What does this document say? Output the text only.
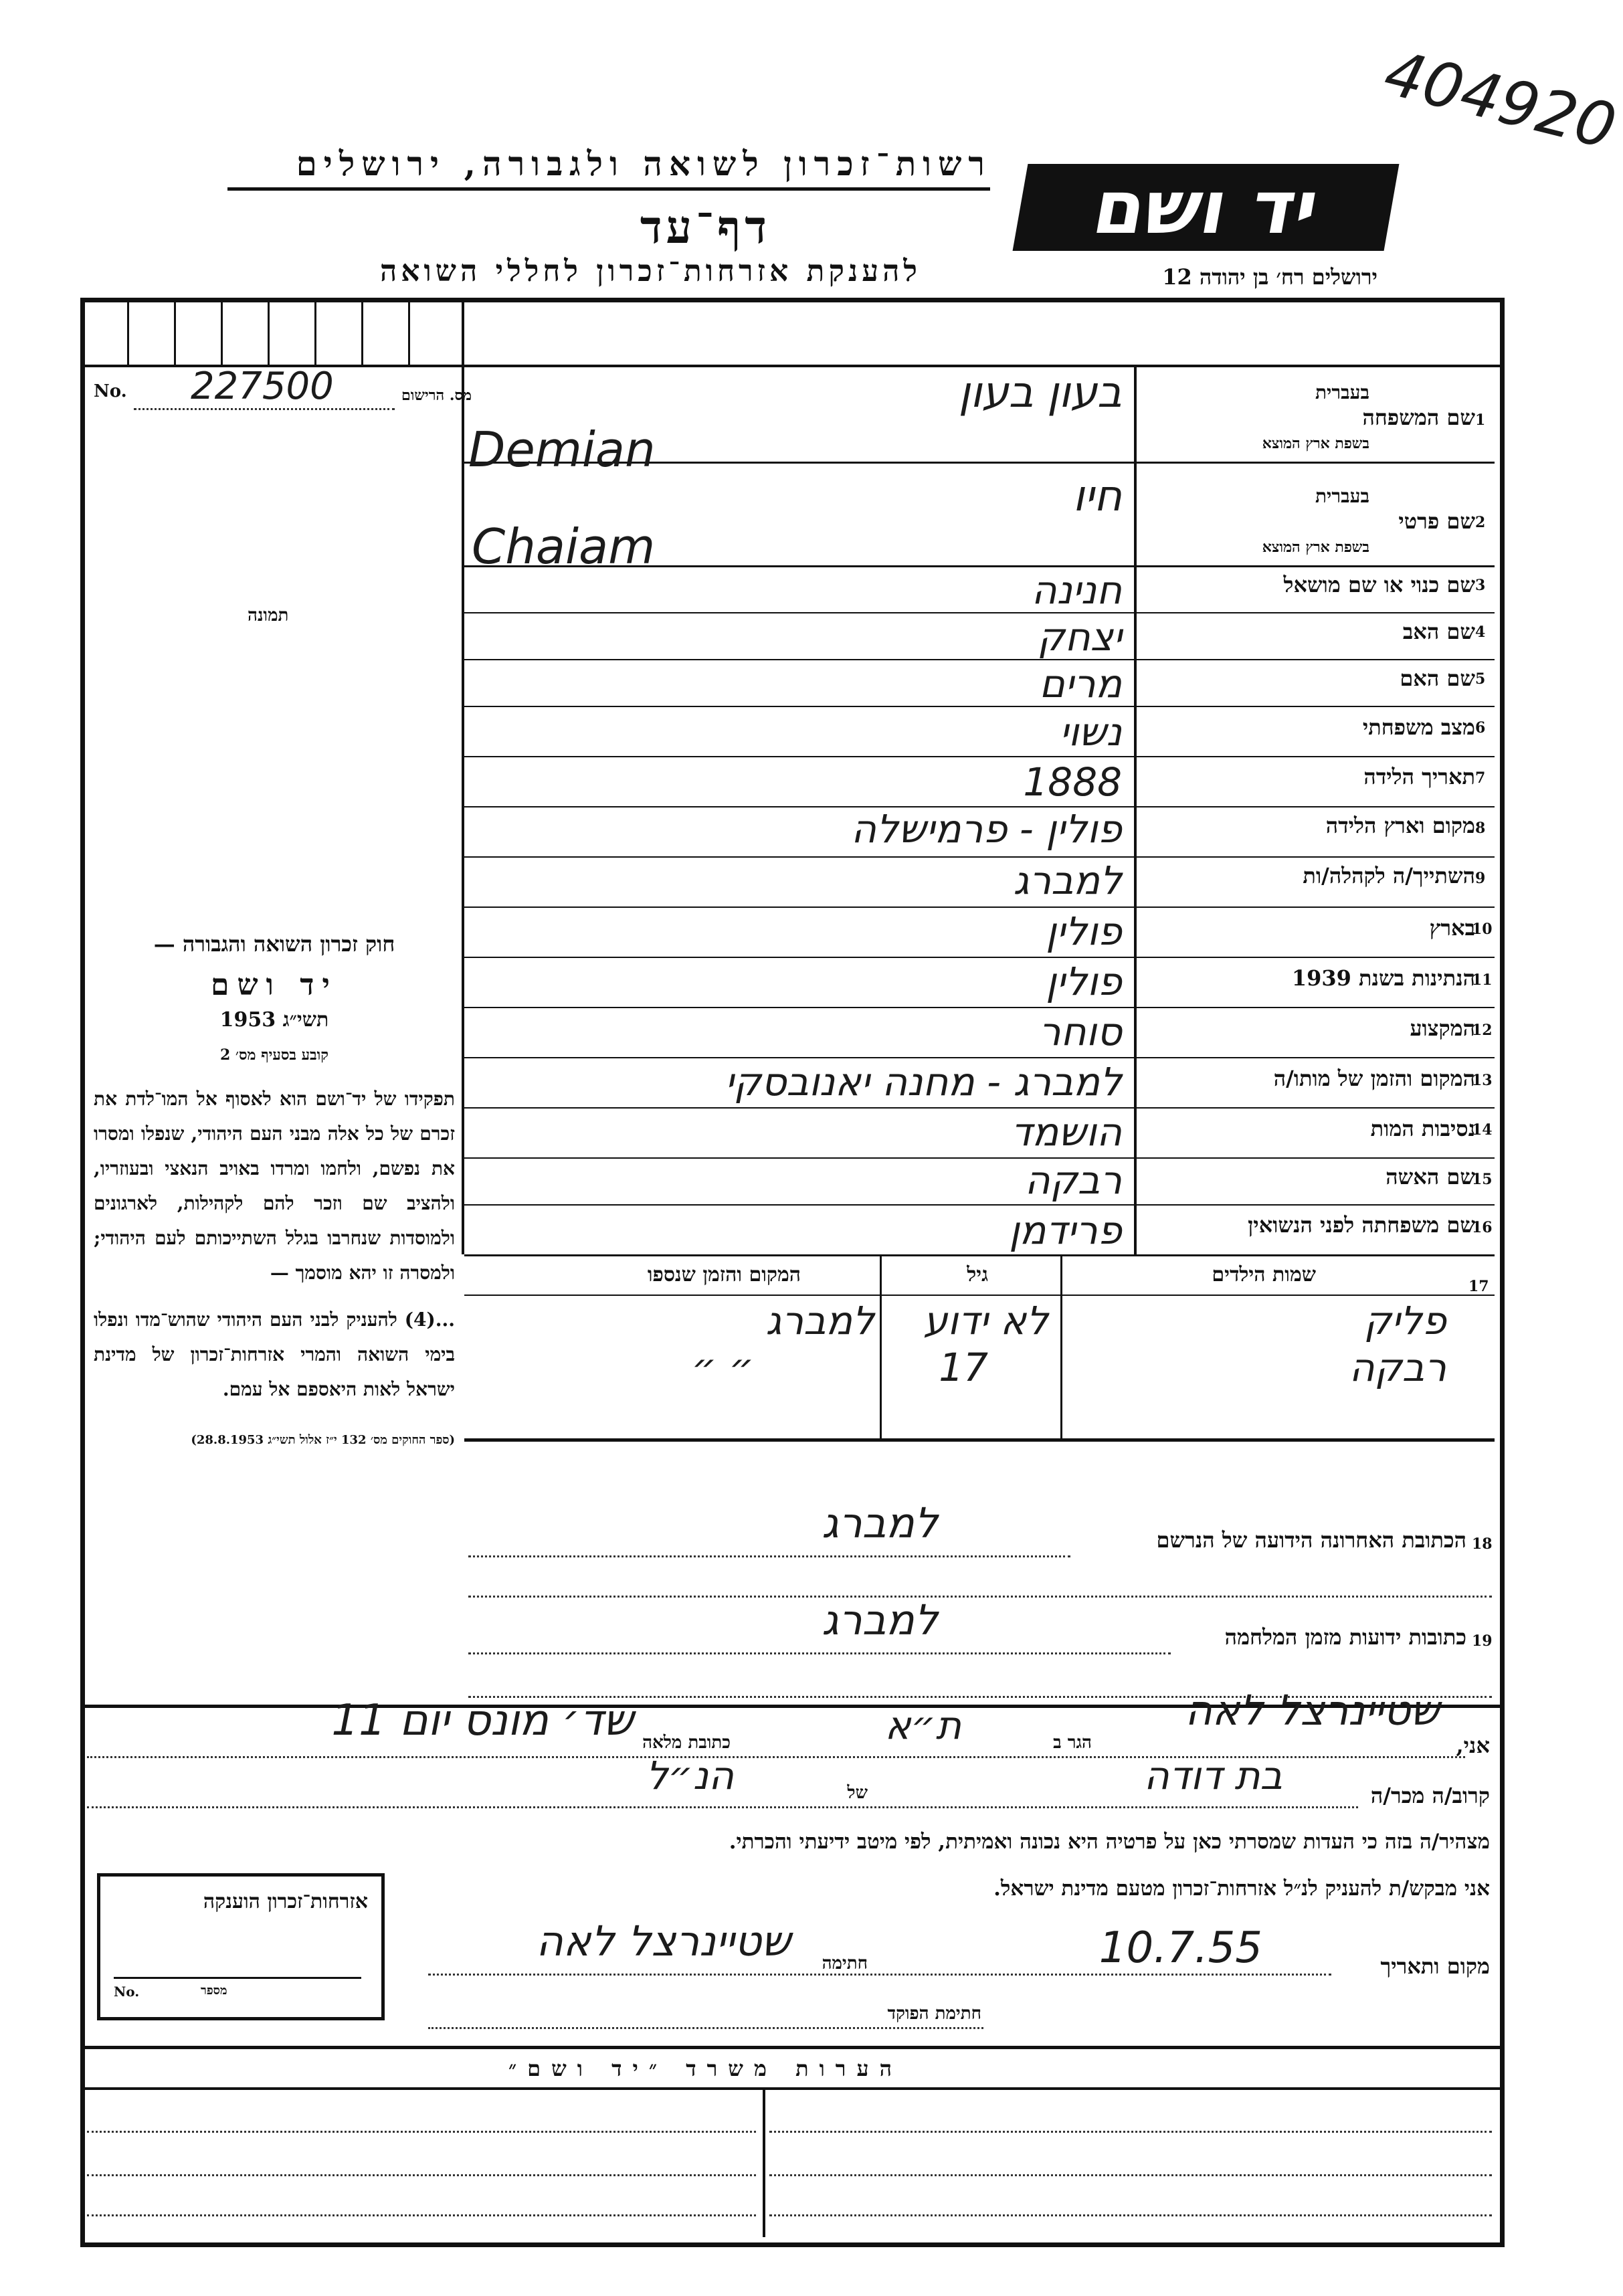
404920
רשות־זכרון לשואה ולגבורה, ירושלים
דף־עד
להענקת אזרחות־זכרון לחללי השואה
יד ושם
ירושלים רח׳ בן יהודה 12
No. 227500	מס. הרישום
תמונה
שם המשפחה 1
בעברית
בשפת ארץ המוצא
בעון בעון
Demian
שם פרטי 2
בעברית
בשפת ארץ המוצא
חיו
Chaiam
שם כנוי או שם מושאל 3
חנינה
שם האב 4
יצחק
שם האם 5
מרים
מצב משפחתי 6
נשוי
תאריך הלידה 7
1888
מקום וארץ הלידה 8
פולין - פרמישלה
השתייך/ה לקהלה/ות 9
למברג
בארץ
10
פולין
הנתינות בשנת 1939
11
פולין
המקצוע
12
סוחר
המקום והזמן של מותו/ה
13
למברג - מחנה יאנובסקי
נסיבות המות
14
הושמד
שם האשה
15
רבקה
שם משפחתה לפני הנשואין
16
פרידמן
חוק זכרון השואה והגבורה —
יד ושם
תשי״ג 1953
קובע בסעיף מס׳ 2
תפקידו של יד־ושם הוא לאסוף אל המו־לדת את זכרם של כל אלה מבני העם היהודי, שנפלו ומסרו את נפשם, ולחמו ומרדו באויב הנאצי ובעוזריו, ולהציב שם וזכר להם לקהילות, לארגונים ולמוסדות שנחרבו בגלל השתייכותם לעם היהודי; ולמסרה זו יהא מוסמך —
...(4) להעניק לבני העם היהודי שהוש־מדו ונפלו בימי השואה והמרי אזרחות־זכרון של מדינת ישראל לאות היאספם אל עמם.
(ספר החוקים מס׳ 132 י״ז אלול תשי״ג 28.8.1953)
17
שמות הילדים
גיל
המקום והזמן שנספו
פליק
לא ידוע
למברג
רבקה
17
״ ״
18
הכתובת האחרונה הידועה של הנרשם
למברג
19
כתובות ידועות מזמן המלחמה
למברג
אני,
שטיינרצל לאה
הגר ב
ת״א
כתובת מלאה
שד׳ מונס יום 11
קרוב/ה מכר/ה
בת דודה
של
הנ״ל
מצהיר/ה בזה כי העדות שמסרתי כאן על פרטיה היא נכונה ואמיתית, לפי מיטב ידיעתי והכרתי.
אני מבקש/ת להעניק לנ״ל אזרחות־זכרון מטעם מדינת ישראל.
מקום ותאריך
10.7.55
חתימה
שטיינרצל לאה
חתימת הפוקד
אזרחות־זכרון הוענקה
No.	מספר
הערות משרד ״יד ושם״
